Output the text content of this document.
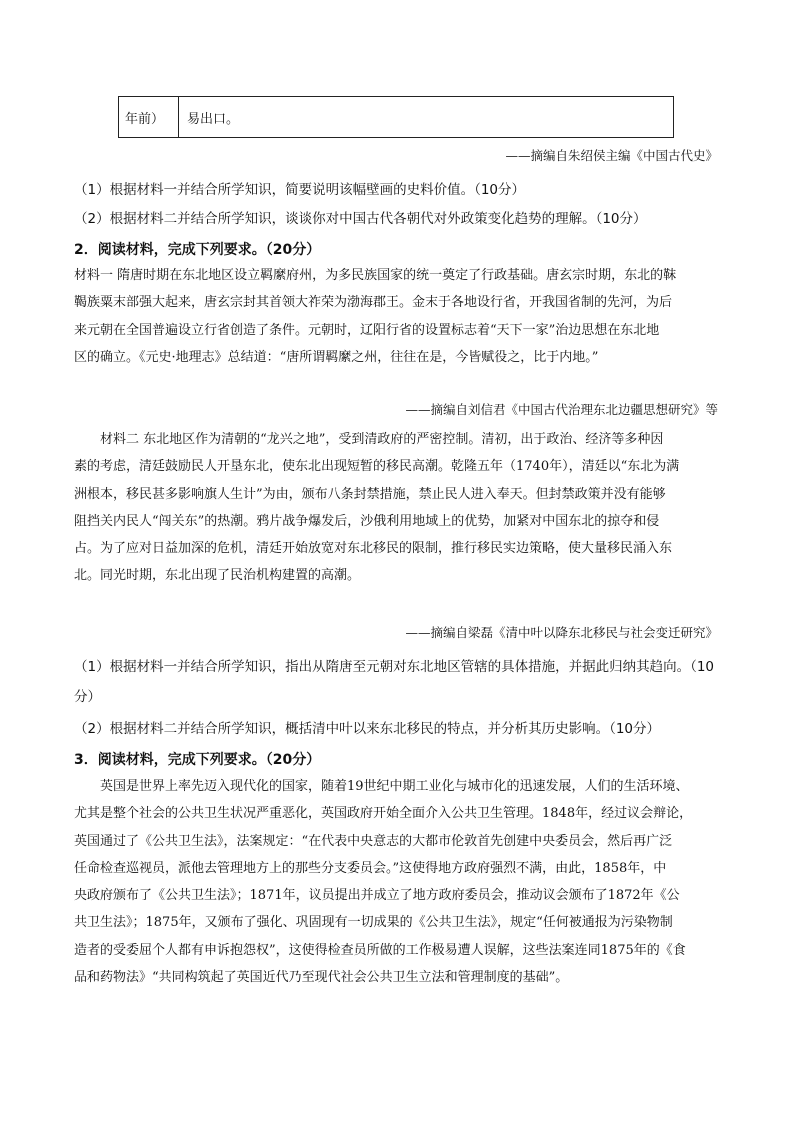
年前）	易出口。
——摘编自朱绍侯主编《中国古代史》
（1）根据材料一并结合所学知识，简要说明该幅壁画的史料价值。（10分）
（2）根据材料二并结合所学知识，谈谈你对中国古代各朝代对外政策变化趋势的理解。（10分）
2．阅读材料，完成下列要求。（20分）
材料一 隋唐时期在东北地区设立羁縻府州，为多民族国家的统一奠定了行政基础。唐玄宗时期，东北的靺
鞨族粟末部强大起来，唐玄宗封其首领大祚荣为渤海郡王。金末于各地设行省，开我国省制的先河，为后
来元朝在全国普遍设立行省创造了条件。元朝时，辽阳行省的设置标志着“天下一家”治边思想在东北地
区的确立。《元史·地理志》总结道：“唐所谓羁縻之州，往往在是，今皆赋役之，比于内地。”
——摘编自刘信君《中国古代治理东北边疆思想研究》等
材料二 东北地区作为清朝的“龙兴之地”，受到清政府的严密控制。清初，出于政治、经济等多种因
素的考虑，清廷鼓励民人开垦东北，使东北出现短暂的移民高潮。乾隆五年（1740年），清廷以“东北为满
洲根本，移民甚多影响旗人生计”为由，颁布八条封禁措施，禁止民人进入奉天。但封禁政策并没有能够
阻挡关内民人“闯关东”的热潮。鸦片战争爆发后，沙俄利用地域上的优势，加紧对中国东北的掠夺和侵
占。为了应对日益加深的危机，清廷开始放宽对东北移民的限制，推行移民实边策略，使大量移民涌入东
北。同光时期，东北出现了民治机构建置的高潮。
——摘编自梁磊《清中叶以降东北移民与社会变迁研究》
（1）根据材料一并结合所学知识，指出从隋唐至元朝对东北地区管辖的具体措施，并据此归纳其趋向。（10
分）
（2）根据材料二并结合所学知识，概括清中叶以来东北移民的特点，并分析其历史影响。（10分）
3．阅读材料，完成下列要求。（20分）
英国是世界上率先迈入现代化的国家，随着19世纪中期工业化与城市化的迅速发展，人们的生活环境、
尤其是整个社会的公共卫生状况严重恶化，英国政府开始全面介入公共卫生管理。1848年，经过议会辩论，
英国通过了《公共卫生法》，法案规定：“在代表中央意志的大都市伦敦首先创建中央委员会，然后再广泛
任命检查巡视员，派他去管理地方上的那些分支委员会。”这使得地方政府强烈不满，由此，1858年，中
央政府颁布了《公共卫生法》；1871年，议员提出并成立了地方政府委员会，推动议会颁布了1872年《公
共卫生法》；1875年，又颁布了强化、巩固现有一切成果的《公共卫生法》，规定“任何被通报为污染物制
造者的受委屈个人都有申诉抱怨权”，这使得检查员所做的工作极易遭人误解，这些法案连同1875年的《食
品和药物法》“共同构筑起了英国近代乃至现代社会公共卫生立法和管理制度的基础”。
